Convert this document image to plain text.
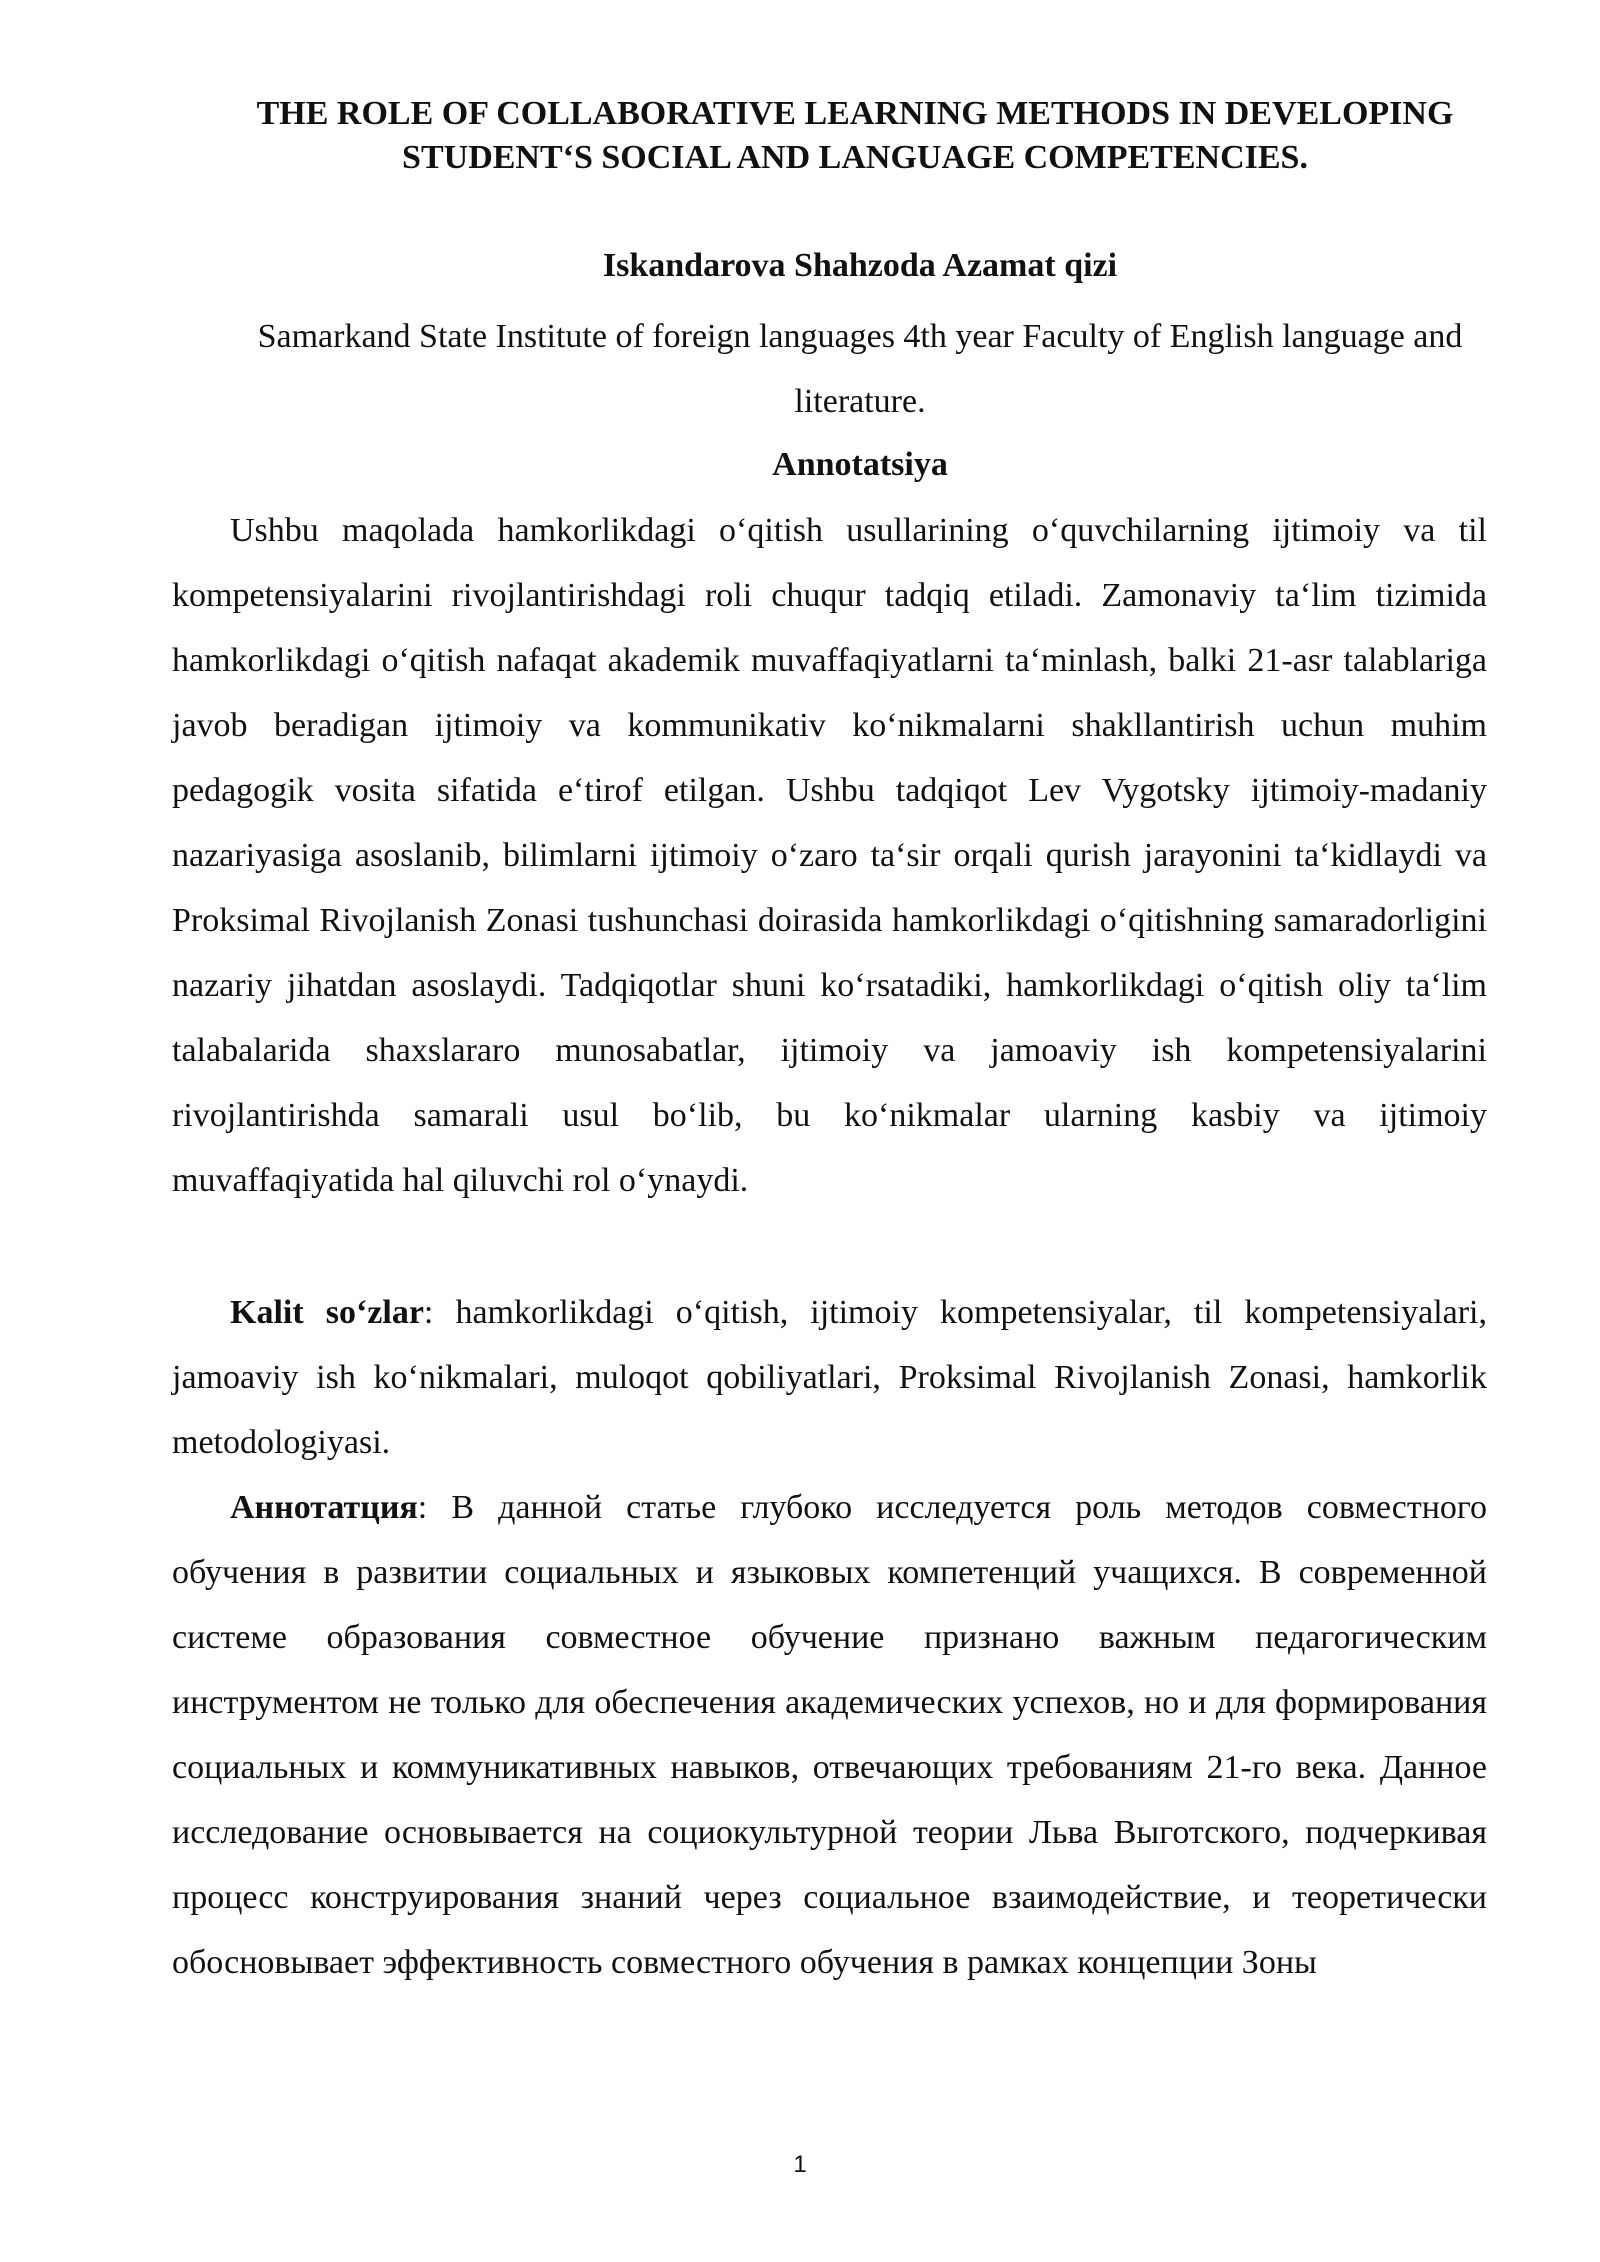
THE ROLE OF COLLABORATIVE LEARNING METHODS IN DEVELOPING STUDENT‘S SOCIAL AND LANGUAGE COMPETENCIES.

Iskandarova Shahzoda Azamat qizi

Samarkand State Institute of foreign languages 4th year Faculty of English language and literature.

Annotatsiya

Ushbu maqolada hamkorlikdagi o‘qitish usullarining o‘quvchilarning ijtimoiy va til kompetensiyalarini rivojlantirishdagi roli chuqur tadqiq etiladi. Zamonaviy ta‘lim tizimida hamkorlikdagi o‘qitish nafaqat akademik muvaffaqiyatlarni ta‘minlash, balki 21-asr talablariga javob beradigan ijtimoiy va kommunikativ ko‘nikmalarni shakllantirish uchun muhim pedagogik vosita sifatida e‘tirof etilgan. Ushbu tadqiqot Lev Vygotsky ijtimoiy-madaniy nazariyasiga asoslanib, bilimlarni ijtimoiy o‘zaro ta‘sir orqali qurish jarayonini ta‘kidlaydi va Proksimal Rivojlanish Zonasi tushunchasi doirasida hamkorlikdagi o‘qitishning samaradorligini nazariy jihatdan asoslaydi. Tadqiqotlar shuni ko‘rsatadiki, hamkorlikdagi o‘qitish oliy ta‘lim talabalarida shaxslararo munosabatlar, ijtimoiy va jamoaviy ish kompetensiyalarini rivojlantirishda samarali usul bo‘lib, bu ko‘nikmalar ularning kasbiy va ijtimoiy muvaffaqiyatida hal qiluvchi rol o‘ynaydi.

Kalit so‘zlar: hamkorlikdagi o‘qitish, ijtimoiy kompetensiyalar, til kompetensiyalari, jamoaviy ish ko‘nikmalari, muloqot qobiliyatlari, Proksimal Rivojlanish Zonasi, hamkorlik metodologiyasi.

Аннотатция: В данной статье глубоко исследуется роль методов совместного обучения в развитии социальных и языковых компетенций учащихся. В современной системе образования совместное обучение признано важным педагогическим инструментом не только для обеспечения академических успехов, но и для формирования социальных и коммуникативных навыков, отвечающих требованиям 21-го века. Данное исследование основывается на социокультурной теории Льва Выготского, подчеркивая процесс конструирования знаний через социальное взаимодействие, и теоретически обосновывает эффективность совместного обучения в рамках концепции Зоны

1
